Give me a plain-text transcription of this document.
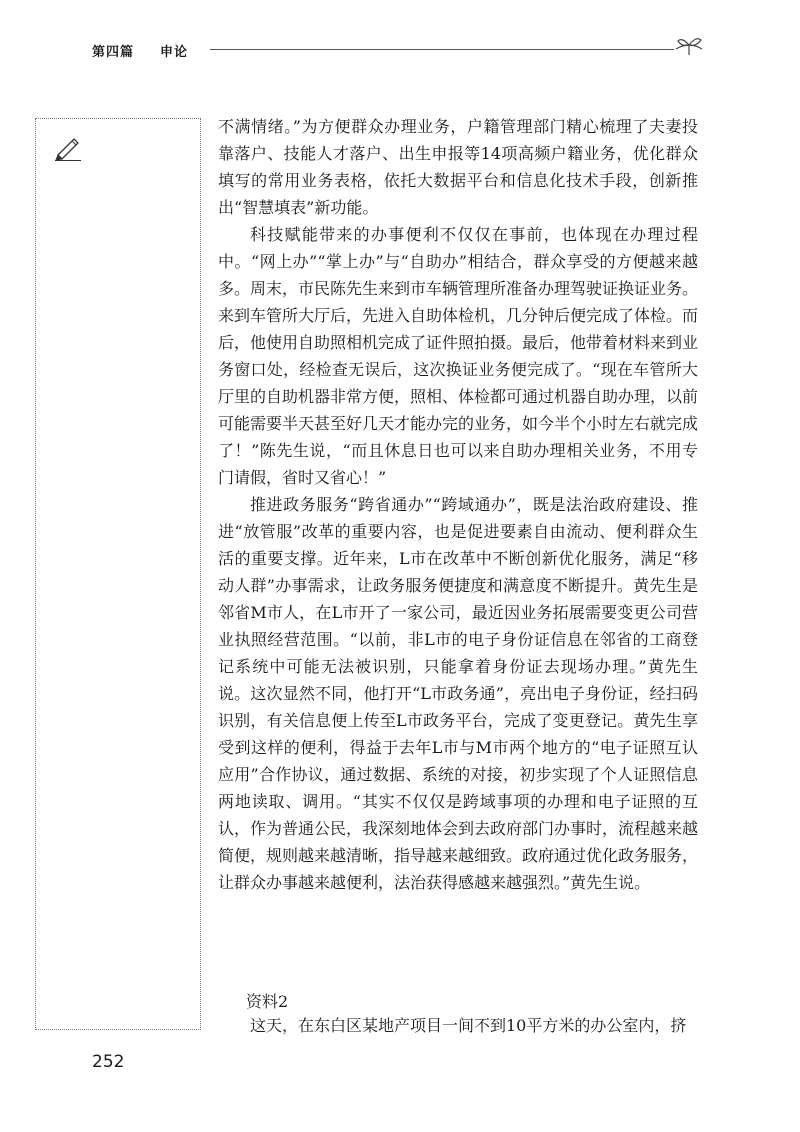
第四篇 申论

不满情绪。”为方便群众办理业务，户籍管理部门精心梳理了夫妻投靠落户、技能人才落户、出生申报等14项高频户籍业务，优化群众填写的常用业务表格，依托大数据平台和信息化技术手段，创新推出“智慧填表”新功能。

科技赋能带来的办事便利不仅仅在事前，也体现在办理过程中。“网上办”“掌上办”与“自助办”相结合，群众享受的方便越来越多。周末，市民陈先生来到市车辆管理所准备办理驾驶证换证业务。来到车管所大厅后，先进入自助体检机，几分钟后便完成了体检。而后，他使用自助照相机完成了证件照拍摄。最后，他带着材料来到业务窗口处，经检查无误后，这次换证业务便完成了。“现在车管所大厅里的自助机器非常方便，照相、体检都可通过机器自助办理，以前可能需要半天甚至好几天才能办完的业务，如今半个小时左右就完成了！”陈先生说，“而且休息日也可以来自助办理相关业务，不用专门请假，省时又省心！”

推进政务服务“跨省通办”“跨域通办”，既是法治政府建设、推进“放管服”改革的重要内容，也是促进要素自由流动、便利群众生活的重要支撑。近年来，L市在改革中不断创新优化服务，满足“移动人群”办事需求，让政务服务便捷度和满意度不断提升。黄先生是邻省M市人，在L市开了一家公司，最近因业务拓展需要变更公司营业执照经营范围。“以前，非L市的电子身份证信息在邻省的工商登记系统中可能无法被识别，只能拿着身份证去现场办理。”黄先生说。这次显然不同，他打开“L市政务通”，亮出电子身份证，经扫码识别，有关信息便上传至L市政务平台，完成了变更登记。黄先生享受到这样的便利，得益于去年L市与M市两个地方的“电子证照互认应用”合作协议，通过数据、系统的对接，初步实现了个人证照信息两地读取、调用。“其实不仅仅是跨域事项的办理和电子证照的互认，作为普通公民，我深刻地体会到去政府部门办事时，流程越来越简便，规则越来越清晰，指导越来越细致。政府通过优化政务服务，让群众办事越来越便利，法治获得感越来越强烈。”黄先生说。

资料2
这天，在东白区某地产项目一间不到10平方米的办公室内，挤
252
